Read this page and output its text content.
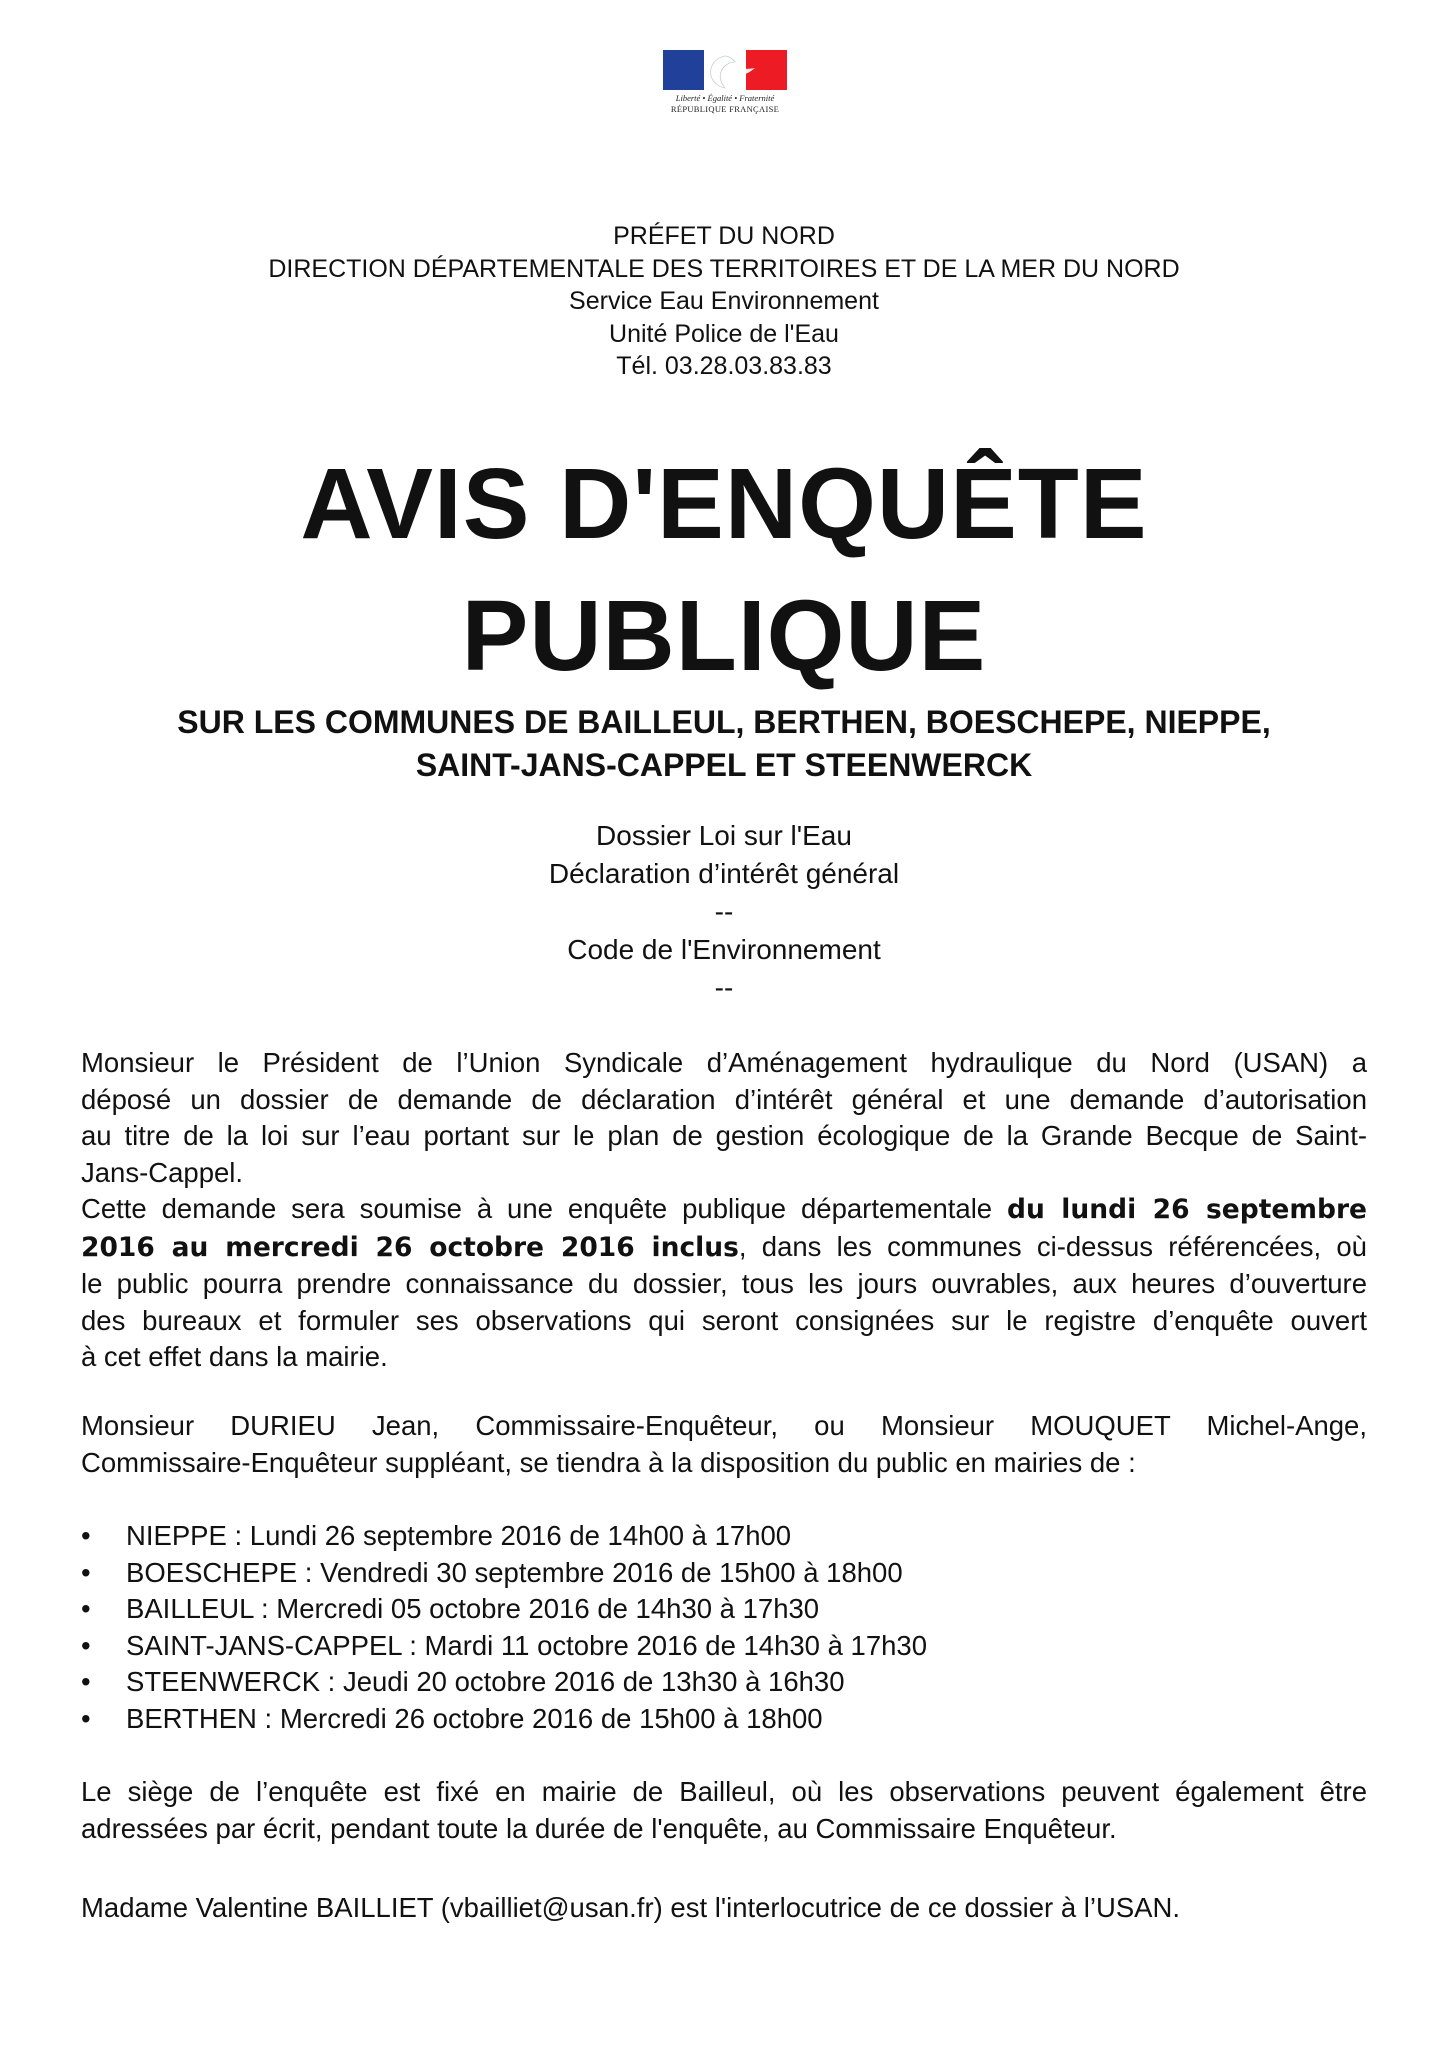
Liberté • Égalité • Fraternité
RÉPUBLIQUE FRANÇAISE
PRÉFET DU NORD
DIRECTION DÉPARTEMENTALE DES TERRITOIRES ET DE LA MER DU NORD
Service Eau Environnement
Unité Police de l'Eau
Tél. 03.28.03.83.83
AVIS D'ENQUÊTE
PUBLIQUE
SUR LES COMMUNES DE BAILLEUL, BERTHEN, BOESCHEPE, NIEPPE,
SAINT-JANS-CAPPEL ET STEENWERCK
Dossier Loi sur l'Eau
Déclaration d’intérêt général
--
Code de l'Environnement
--
Monsieur le Président de l’Union Syndicale d’Aménagement hydraulique du Nord (USAN) a
déposé un dossier de demande de déclaration d’intérêt général et une demande d’autorisation
au titre de la loi sur l’eau portant sur le plan de gestion écologique de la Grande Becque de Saint-
Jans-Cappel.
Cette demande sera soumise à une enquête publique départementale du lundi 26 septembre
2016 au mercredi 26 octobre 2016 inclus, dans les communes ci-dessus référencées, où
le public pourra prendre connaissance du dossier, tous les jours ouvrables, aux heures d’ouverture
des bureaux et formuler ses observations qui seront consignées sur le registre d’enquête ouvert
à cet effet dans la mairie.
Monsieur DURIEU Jean, Commissaire-Enquêteur, ou Monsieur MOUQUET Michel-Ange,
Commissaire-Enquêteur suppléant, se tiendra à la disposition du public en mairies de :
• NIEPPE : Lundi 26 septembre 2016 de 14h00 à 17h00
• BOESCHEPE : Vendredi 30 septembre 2016 de 15h00 à 18h00
• BAILLEUL : Mercredi 05 octobre 2016 de 14h30 à 17h30
• SAINT-JANS-CAPPEL : Mardi 11 octobre 2016 de 14h30 à 17h30
• STEENWERCK : Jeudi 20 octobre 2016 de 13h30 à 16h30
• BERTHEN : Mercredi 26 octobre 2016 de 15h00 à 18h00
Le siège de l’enquête est fixé en mairie de Bailleul, où les observations peuvent également être
adressées par écrit, pendant toute la durée de l'enquête, au Commissaire Enquêteur.
Madame Valentine BAILLIET (vbailliet@usan.fr) est l'interlocutrice de ce dossier à l’USAN.
